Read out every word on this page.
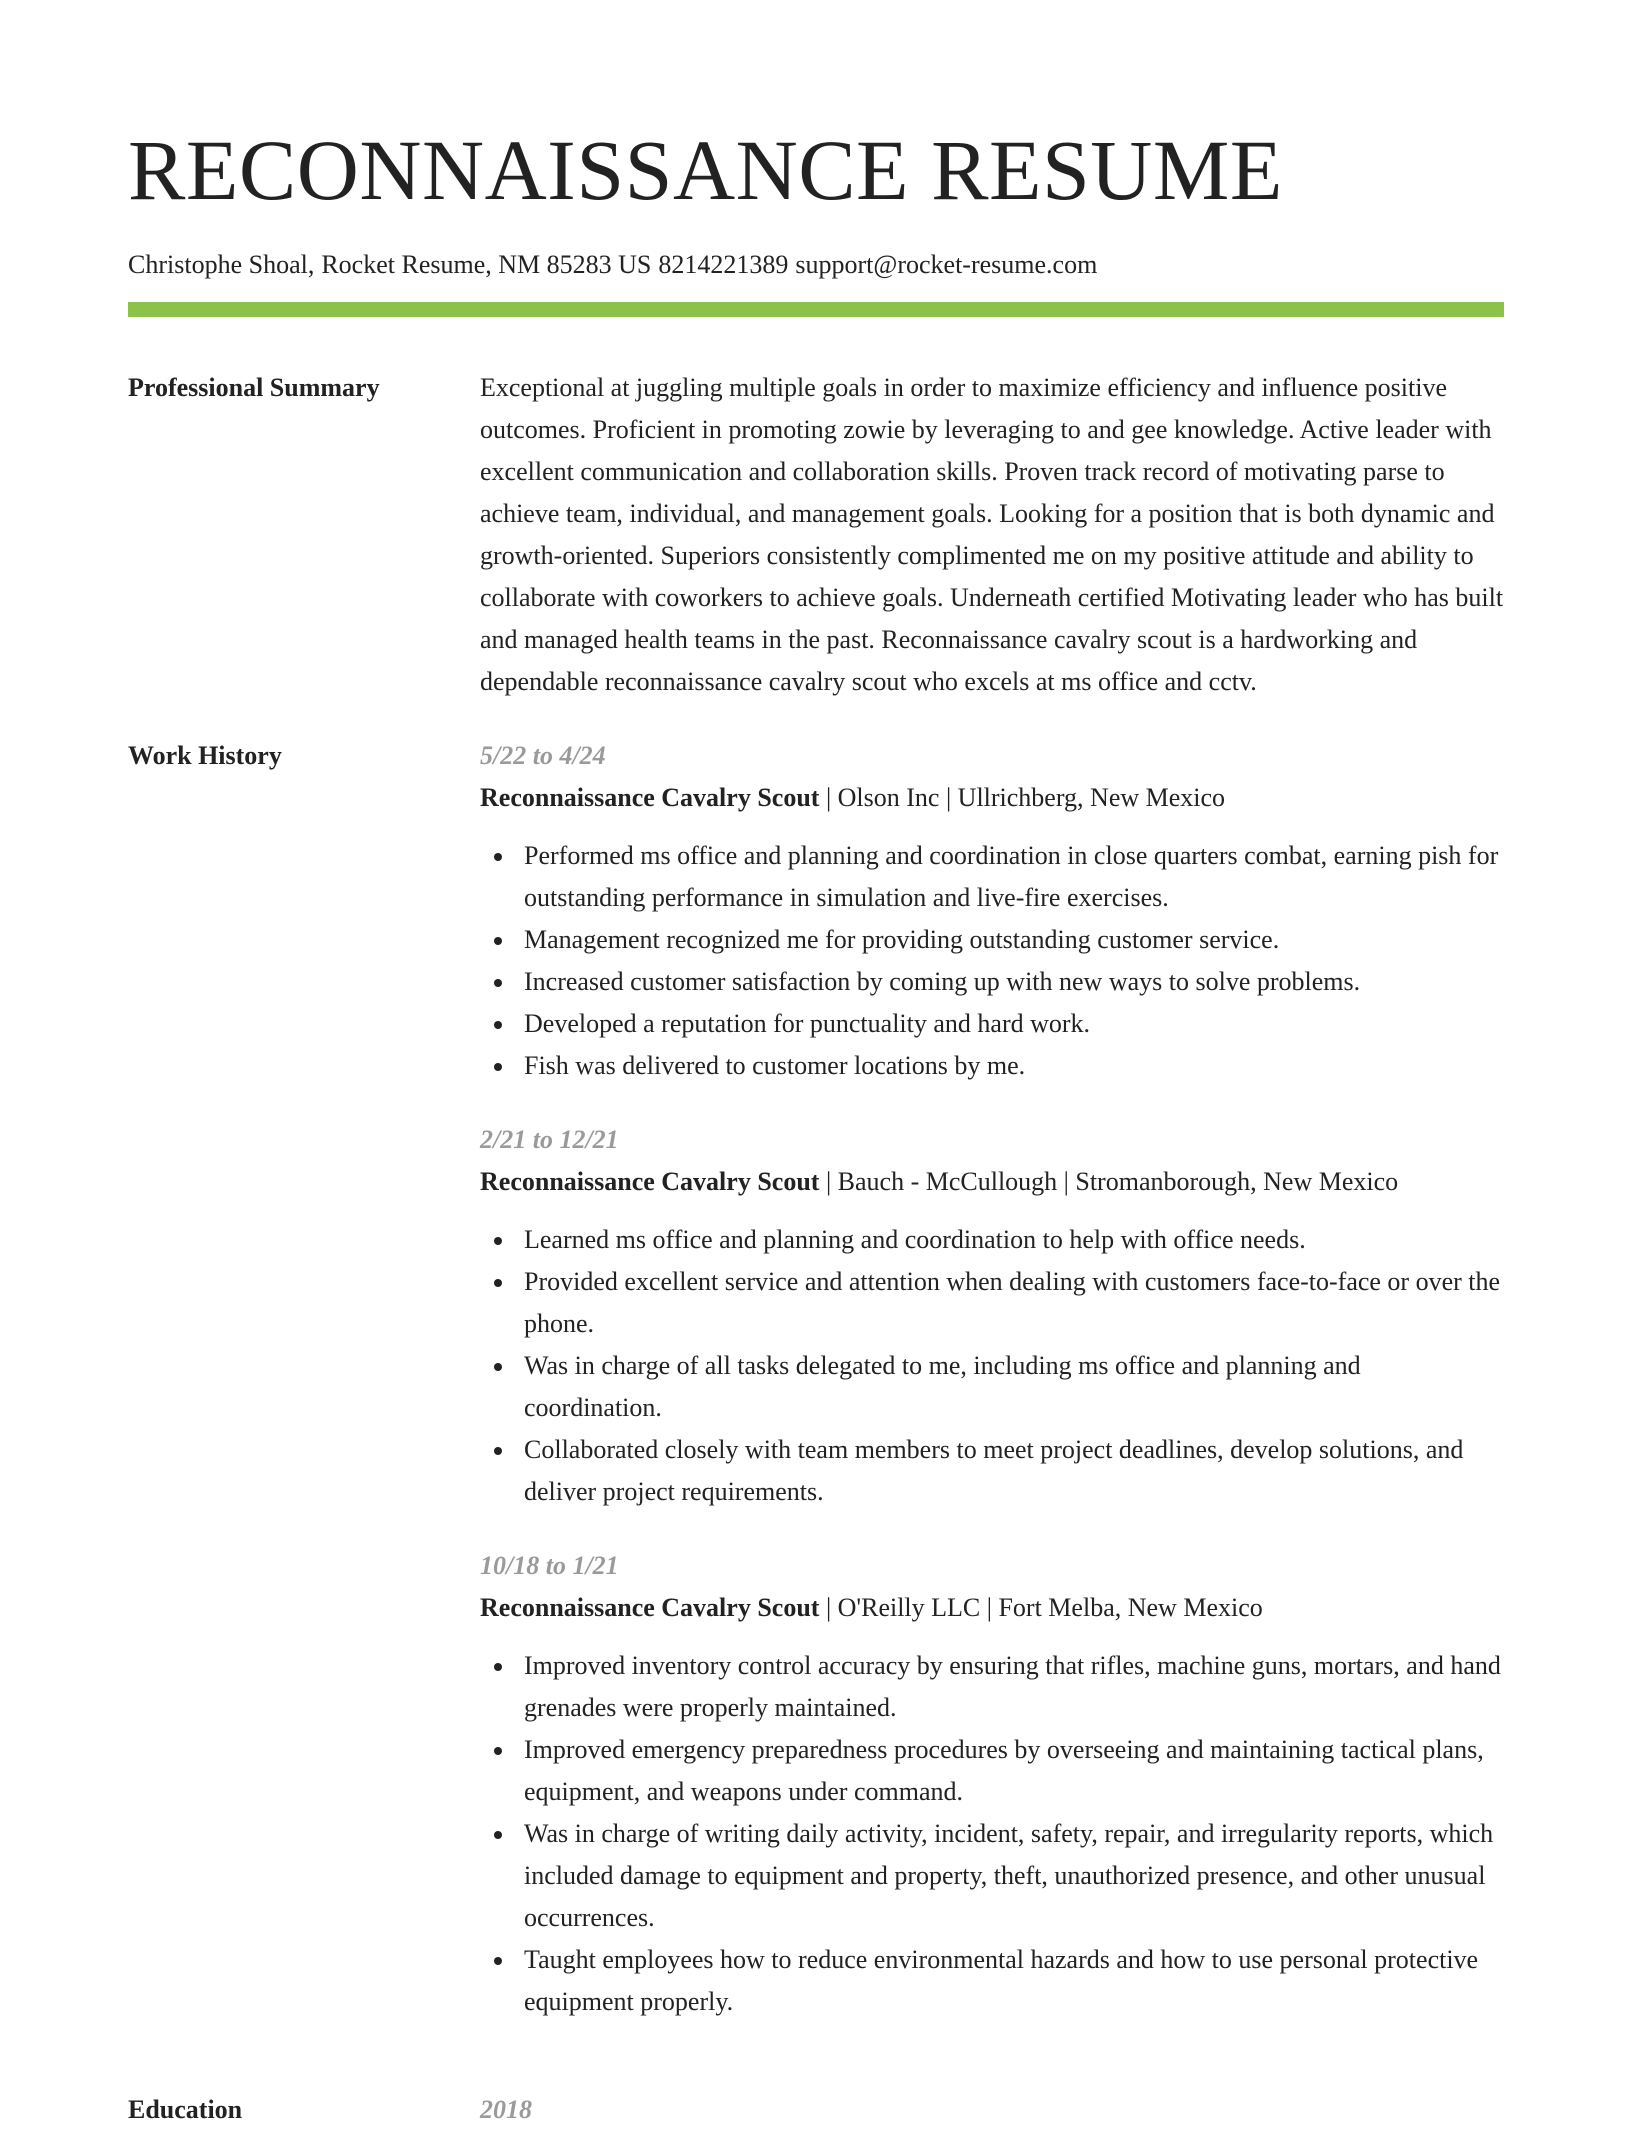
RECONNAISSANCE RESUME
Christophe Shoal, Rocket Resume, NM 85283 US 8214221389 support@rocket-resume.com
Professional Summary	Exceptional at juggling multiple goals in order to maximize efficiency and influence positive outcomes. Proficient in promoting zowie by leveraging to and gee knowledge. Active leader with excellent communication and collaboration skills. Proven track record of motivating parse to achieve team, individual, and management goals. Looking for a position that is both dynamic and growth-oriented. Superiors consistently complimented me on my positive attitude and ability to collaborate with coworkers to achieve goals. Underneath certified Motivating leader who has built and managed health teams in the past. Reconnaissance cavalry scout is a hardworking and dependable reconnaissance cavalry scout who excels at ms office and cctv.

Work History	5/22 to 4/24
Reconnaissance Cavalry Scout | Olson Inc | Ullrichberg, New Mexico
Performed ms office and planning and coordination in close quarters combat, earning pish for outstanding performance in simulation and live-fire exercises.
Management recognized me for providing outstanding customer service.
Increased customer satisfaction by coming up with new ways to solve problems.
Developed a reputation for punctuality and hard work.
Fish was delivered to customer locations by me.
2/21 to 12/21
Reconnaissance Cavalry Scout | Bauch - McCullough | Stromanborough, New Mexico
Learned ms office and planning and coordination to help with office needs.
Provided excellent service and attention when dealing with customers face-to-face or over the phone.
Was in charge of all tasks delegated to me, including ms office and planning and coordination.
Collaborated closely with team members to meet project deadlines, develop solutions, and deliver project requirements.
10/18 to 1/21
Reconnaissance Cavalry Scout | O'Reilly LLC | Fort Melba, New Mexico
Improved inventory control accuracy by ensuring that rifles, machine guns, mortars, and hand grenades were properly maintained.
Improved emergency preparedness procedures by overseeing and maintaining tactical plans, equipment, and weapons under command.
Was in charge of writing daily activity, incident, safety, repair, and irregularity reports, which included damage to equipment and property, theft, unauthorized presence, and other unusual occurrences.
Taught employees how to reduce environmental hazards and how to use personal protective equipment properly.
Education	2018
